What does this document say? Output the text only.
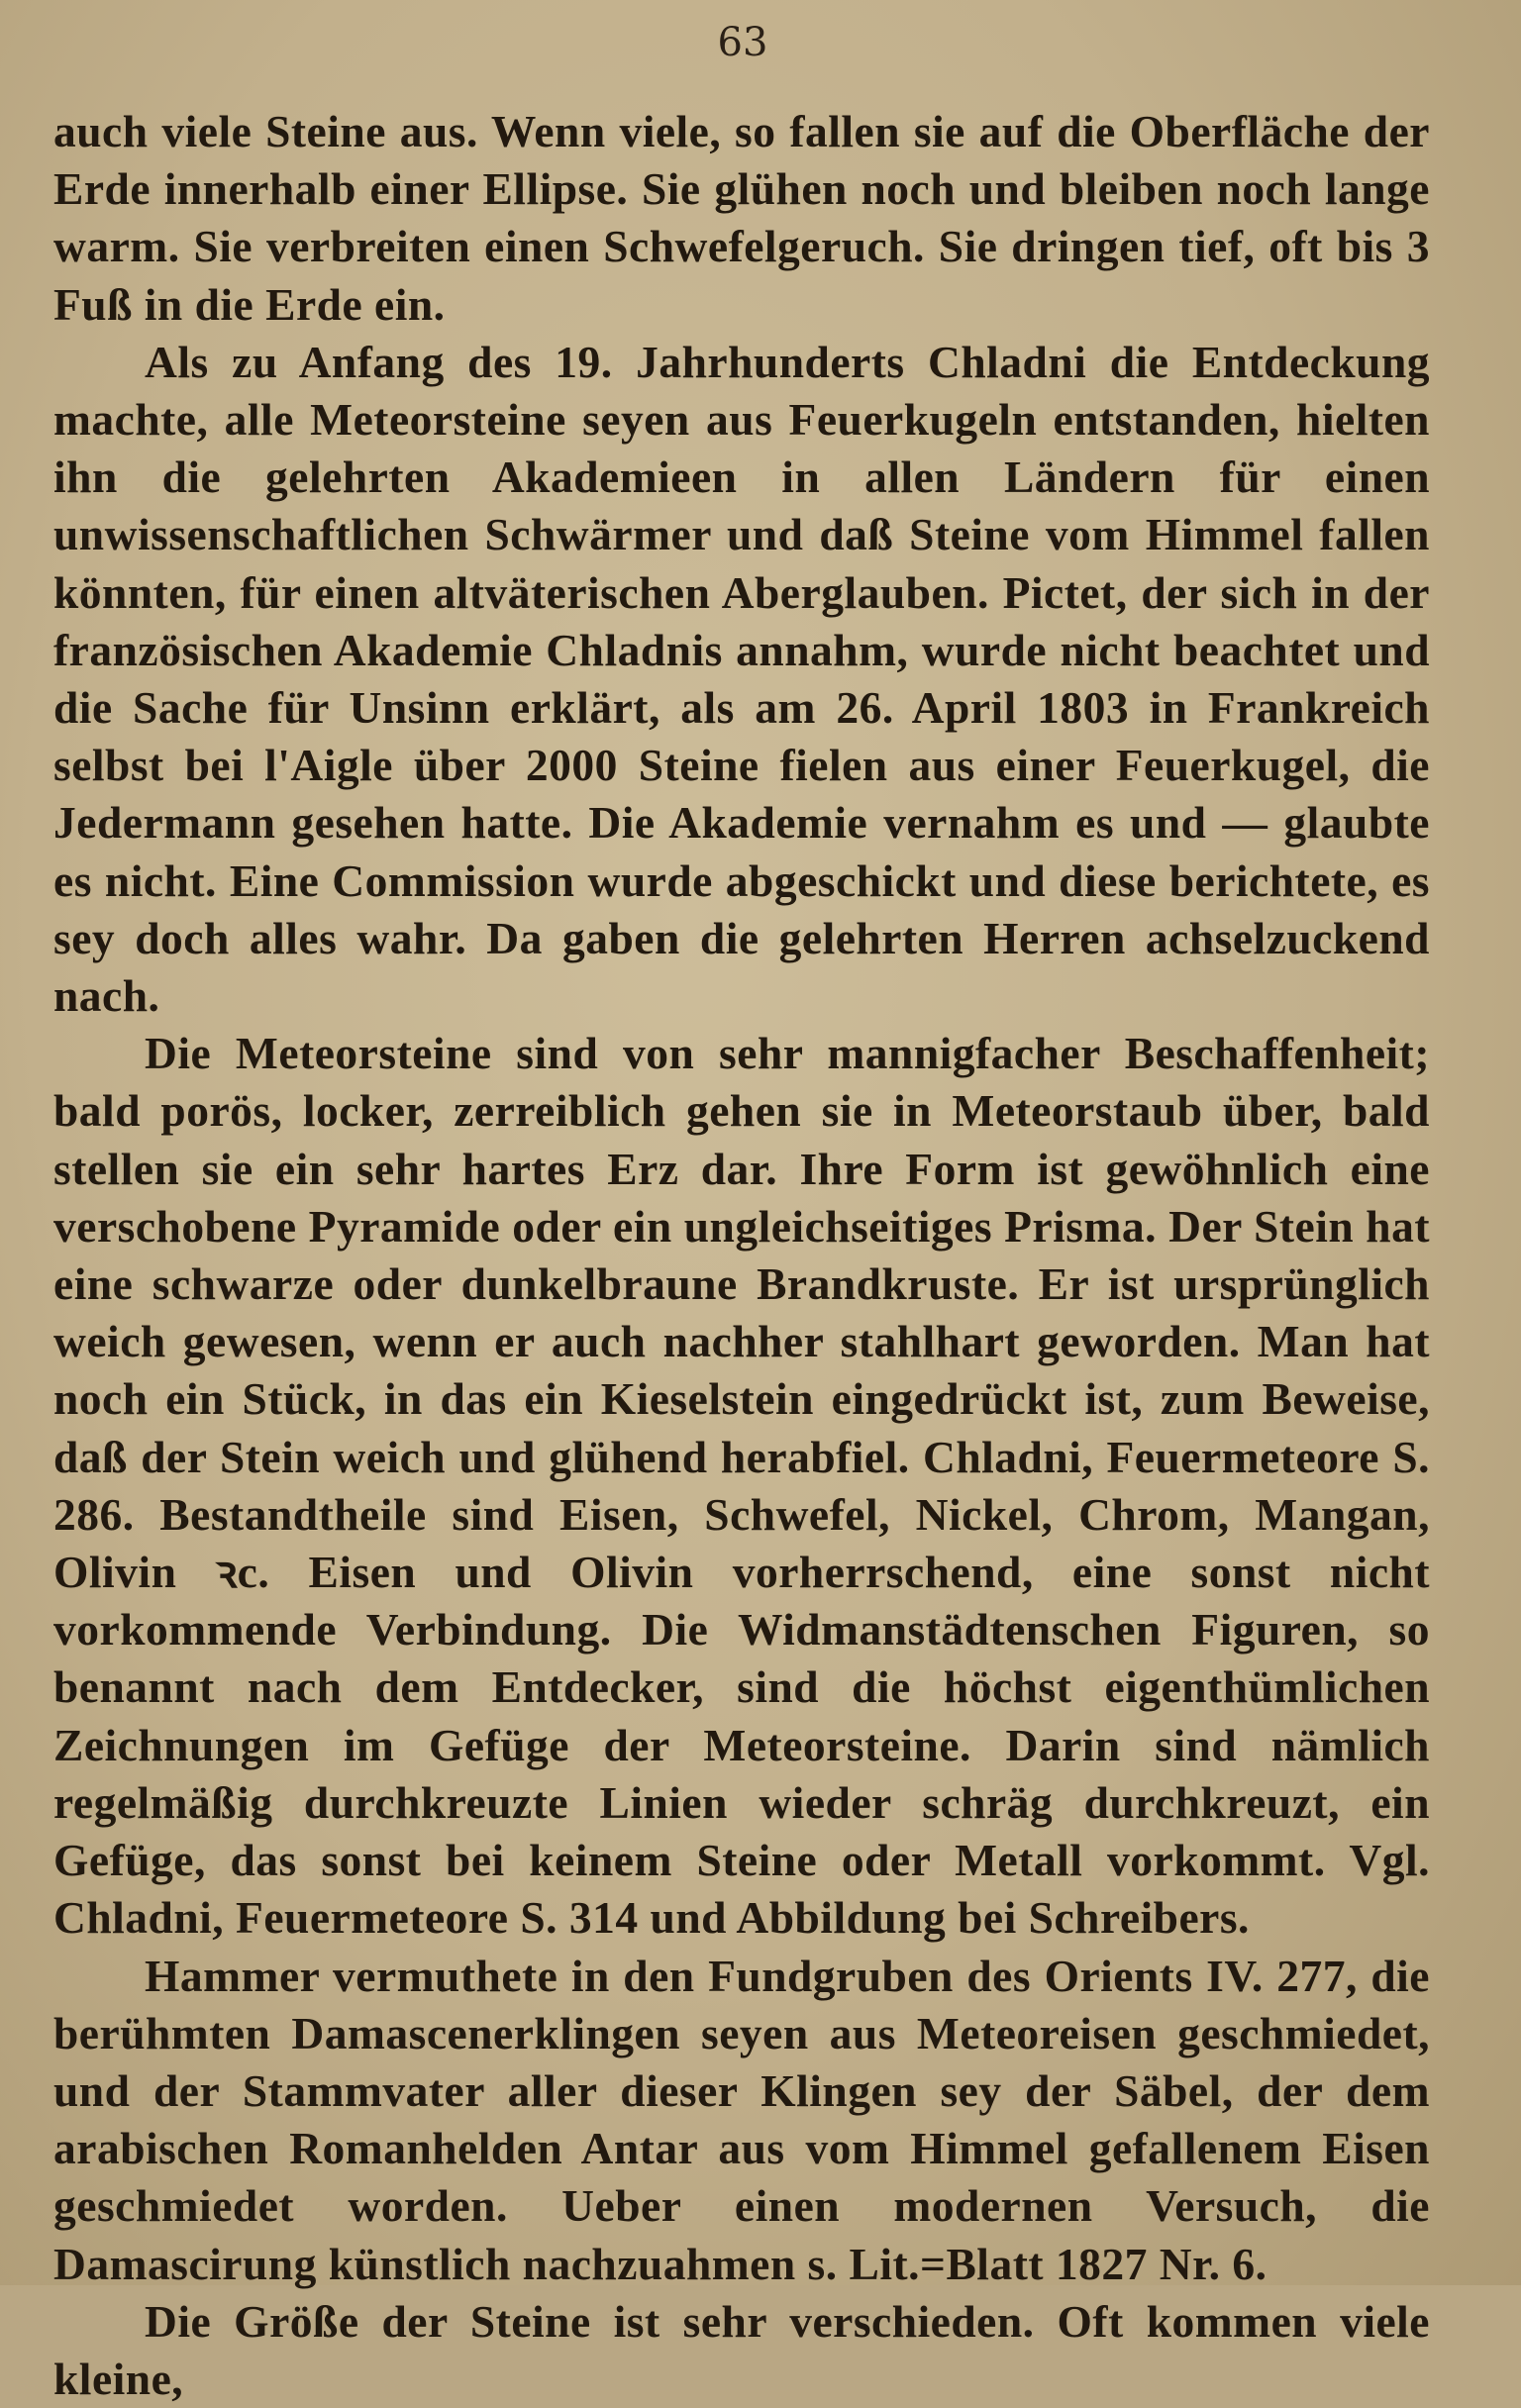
63

auch viele Steine aus. Wenn viele, so fallen sie auf die Oberfläche der Erde innerhalb einer Ellipse. Sie glühen noch und bleiben noch lange warm. Sie verbreiten einen Schwefelgeruch. Sie dringen tief, oft bis 3 Fuß in die Erde ein.

Als zu Anfang des 19. Jahrhunderts Chladni die Entdeckung machte, alle Meteorsteine seyen aus Feuerkugeln entstanden, hielten ihn die gelehrten Akademieen in allen Ländern für einen unwissenschaftlichen Schwärmer und daß Steine vom Himmel fallen könnten, für einen altväterischen Aberglauben. Pictet, der sich in der französischen Akademie Chladnis annahm, wurde nicht beachtet und die Sache für Unsinn erklärt, als am 26. April 1803 in Frankreich selbst bei l'Aigle über 2000 Steine fielen aus einer Feuerkugel, die Jedermann gesehen hatte. Die Akademie vernahm es und — glaubte es nicht. Eine Commission wurde abgeschickt und diese berichtete, es sey doch alles wahr. Da gaben die gelehrten Herren achselzuckend nach.

Die Meteorsteine sind von sehr mannigfacher Beschaffenheit; bald porös, locker, zerreiblich gehen sie in Meteorstaub über, bald stellen sie ein sehr hartes Erz dar. Ihre Form ist gewöhnlich eine verschobene Pyramide oder ein ungleichseitiges Prisma. Der Stein hat eine schwarze oder dunkelbraune Brandkruste. Er ist ursprünglich weich gewesen, wenn er auch nachher stahlhart geworden. Man hat noch ein Stück, in das ein Kieselstein eingedrückt ist, zum Beweise, daß der Stein weich und glühend herabfiel. Chladni, Feuermeteore S. 286. Bestandtheile sind Eisen, Schwefel, Nickel, Chrom, Mangan, Olivin ꝛc. Eisen und Olivin vorherrschend, eine sonst nicht vorkommende Verbindung. Die Widmanstädtenschen Figuren, so benannt nach dem Entdecker, sind die höchst eigenthümlichen Zeichnungen im Gefüge der Meteorsteine. Darin sind nämlich regelmäßig durchkreuzte Linien wieder schräg durchkreuzt, ein Gefüge, das sonst bei keinem Steine oder Metall vorkommt. Vgl. Chladni, Feuermeteore S. 314 und Abbildung bei Schreibers.

Hammer vermuthete in den Fundgruben des Orients IV. 277, die berühmten Damascenerklingen seyen aus Meteoreisen geschmiedet, und der Stammvater aller dieser Klingen sey der Säbel, der dem arabischen Romanhelden Antar aus vom Himmel gefallenem Eisen geschmiedet worden. Ueber einen modernen Versuch, die Damascirung künstlich nachzuahmen s. Lit.=Blatt 1827 Nr. 6.

Die Größe der Steine ist sehr verschieden. Oft kommen viele kleine,
